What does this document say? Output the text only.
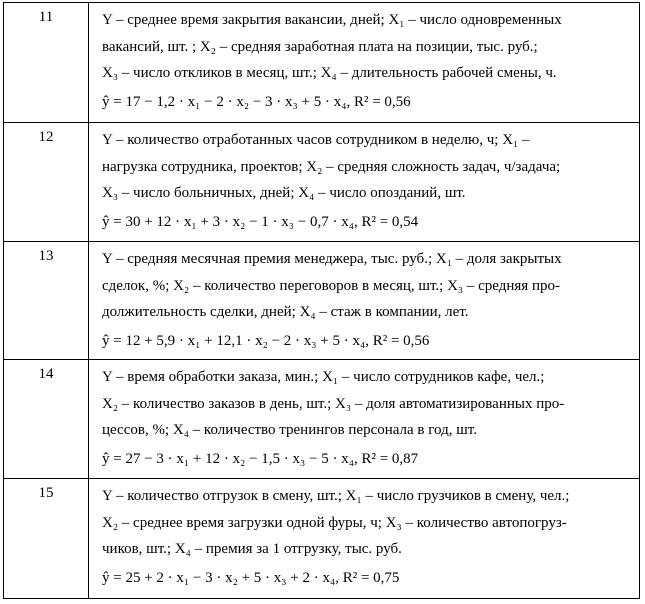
11	Y – среднее время закрытия вакансии, дней; X₁ – число одновременных
вакансий, шт. ; X₂ – средняя заработная плата на позиции, тыс. руб.;
X₃ – число откликов в месяц, шт.; X₄ – длительность рабочей смены, ч.
ŷ = 17 − 1,2 · x₁ − 2 · x₂ − 3 · x₃ + 5 · x₄, R² = 0,56

12	Y – количество отработанных часов сотрудником в неделю, ч; X₁ –
нагрузка сотрудника, проектов; X₂ – средняя сложность задач, ч/задача;
X₃ – число больничных, дней; X₄ – число опозданий, шт.
ŷ = 30 + 12 · x₁ + 3 · x₂ − 1 · x₃ − 0,7 · x₄, R² = 0,54

13	Y – средняя месячная премия менеджера, тыс. руб.; X₁ – доля закрытых
сделок, %; X₂ – количество переговоров в месяц, шт.; X₃ – средняя про-
должительность сделки, дней; X₄ – стаж в компании, лет.
ŷ = 12 + 5,9 · x₁ + 12,1 · x₂ − 2 · x₃ + 5 · x₄, R² = 0,56

14	Y – время обработки заказа, мин.; X₁ – число сотрудников кафе, чел.;
X₂ – количество заказов в день, шт.; X₃ – доля автоматизированных про-
цессов, %; X₄ – количество тренингов персонала в год, шт.
ŷ = 27 − 3 · x₁ + 12 · x₂ − 1,5 · x₃ − 5 · x₄, R² = 0,87

15	Y – количество отгрузок в смену, шт.; X₁ – число грузчиков в смену, чел.;
X₂ – среднее время загрузки одной фуры, ч; X₃ – количество автопогруз-
чиков, шт.; X₄ – премия за 1 отгрузку, тыс. руб.
ŷ = 25 + 2 · x₁ − 3 · x₂ + 5 · x₃ + 2 · x₄, R² = 0,75
